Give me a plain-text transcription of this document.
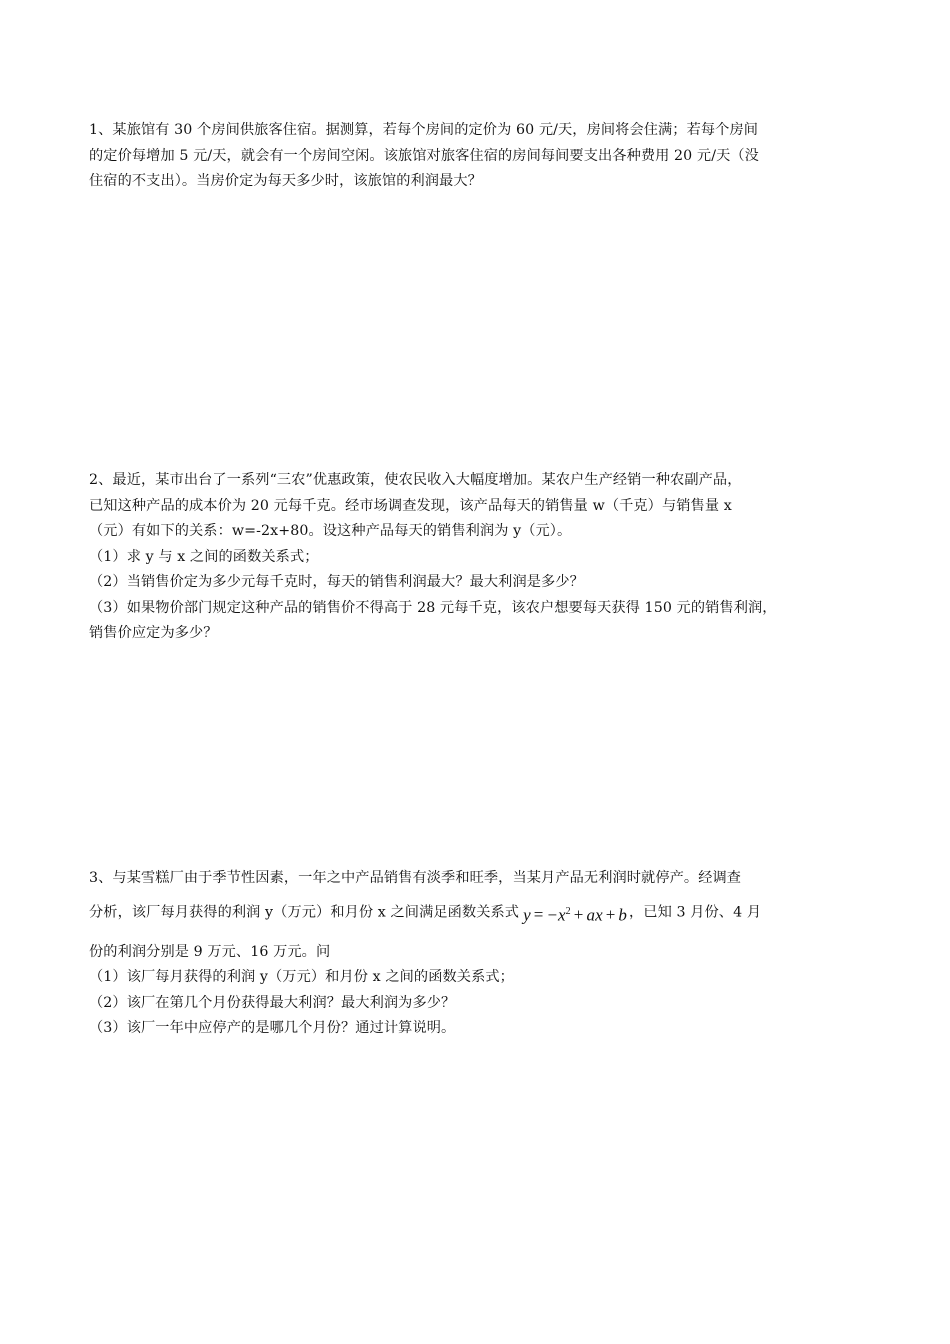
1、某旅馆有 30 个房间供旅客住宿。据测算，若每个房间的定价为 60 元/天，房间将会住满；若每个房间

的定价每增加 5 元/天，就会有一个房间空闲。该旅馆对旅客住宿的房间每间要支出各种费用 20 元/天（没

住宿的不支出）。当房价定为每天多少时，该旅馆的利润最大？

2、最近，某市出台了一系列“三农”优惠政策，使农民收入大幅度增加。某农户生产经销一种农副产品，

已知这种产品的成本价为 20 元每千克。经市场调查发现，该产品每天的销售量 w（千克）与销售量 x

（元）有如下的关系：w=-2x+80。设这种产品每天的销售利润为 y（元）。

（1）求 y 与 x 之间的函数关系式；

（2）当销售价定为多少元每千克时，每天的销售利润最大？最大利润是多少？

（3）如果物价部门规定这种产品的销售价不得高于 28 元每千克，该农户想要每天获得 150 元的销售利润，

销售价应定为多少？

3、与某雪糕厂由于季节性因素，一年之中产品销售有淡季和旺季，当某月产品无利润时就停产。经调查

分析，该厂每月获得的利润 y（万元）和月份 x 之间满足函数关系式 $y = -x^2$ + ax + b ，已知 3 月份、4 月

份的利润分别是 9 万元、16 万元。问

（1）该厂每月获得的利润 y（万元）和月份 x 之间的函数关系式；

（2）该厂在第几个月份获得最大利润？最大利润为多少？

（3）该厂一年中应停产的是哪几个月份？通过计算说明。
